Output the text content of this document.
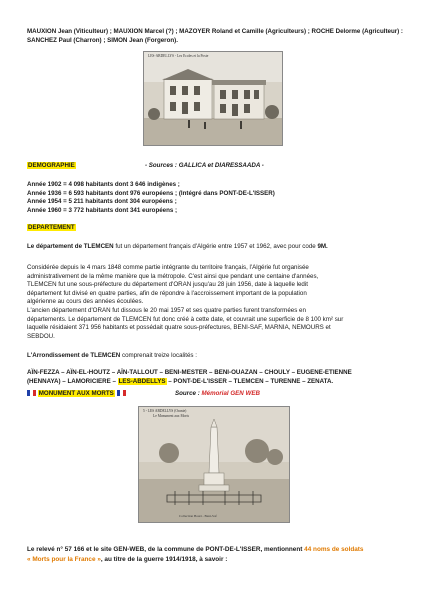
MAUXION Jean (Viticulteur) ; MAUXION Marcel (?) ; MAZOYER Roland et Camille (Agriculteurs) ; ROCHE Delorme (Agriculteur) :
SANCHEZ Paul (Charron) ; SIMON Jean (Forgeron).
LES-ABDELLYS - Les Ecoles et la Poste
DEMOGRAPHIE	- Sources : GALLICA et DIARESSAADA -
Année 1902 = 4 098 habitants dont 3 646 indigènes ;
Année 1936 = 6 593 habitants dont 976 européens ; (Intégré dans PONT-DE-L'ISSER)
Année 1954 = 5 211 habitants dont 304 européens ;
Année 1960 = 3 772 habitants dont 341 européens ;
DEPARTEMENT
Le département de TLEMCEN fut un département français d'Algérie entre 1957 et 1962, avec pour code 9M.
Considérée depuis le 4 mars 1848 comme partie intégrante du territoire français, l'Algérie fut organisée
administrativement de la même manière que la métropole. C'est ainsi que pendant une centaine d'années,
TLEMCEN fut une sous-préfecture du département d'ORAN jusqu'au 28 juin 1956, date à laquelle ledit
département fut divisé en quatre parties, afin de répondre à l'accroissement important de la population
algérienne au cours des années écoulées.
L'ancien département d'ORAN fut dissous le 20 mai 1957 et ses quatre parties furent transformées en
départements. Le département de TLEMCEN fut donc créé à cette date, et couvrait une superficie de 8 100 km² sur
laquelle résidaient 371 956 habitants et possédait quatre sous-préfectures, BENI-SAF, MARNIA, NEMOURS et
SEBDOU.
L'Arrondissement de TLEMCEN comprenait treize localités :
AÏN-FEZZA – AÏN-EL-HOUTZ – AÏN-TALLOUT – BENI-MESTER – BENI-OUAZAN – CHOULY – EUGENE-ETIENNE
(HENNAYA) – LAMORICIERE – LES-ABDELLYS – PONT-DE-L'ISSER – TLEMCEN – TURENNE – ZENATA.
MONUMENT AUX MORTS	Source : Mémorial GEN WEB
5 - LES ABDELLYS (Oranie)
Le Monument aux Morts
Collection Bouri - Beni-Saf
Le relevé n° 57 166 et le site GEN-WEB, de la commune de PONT-DE-L'ISSER, mentionnent 44 noms de soldats
« Morts pour la France », au titre de la guerre 1914/1918, à savoir :
